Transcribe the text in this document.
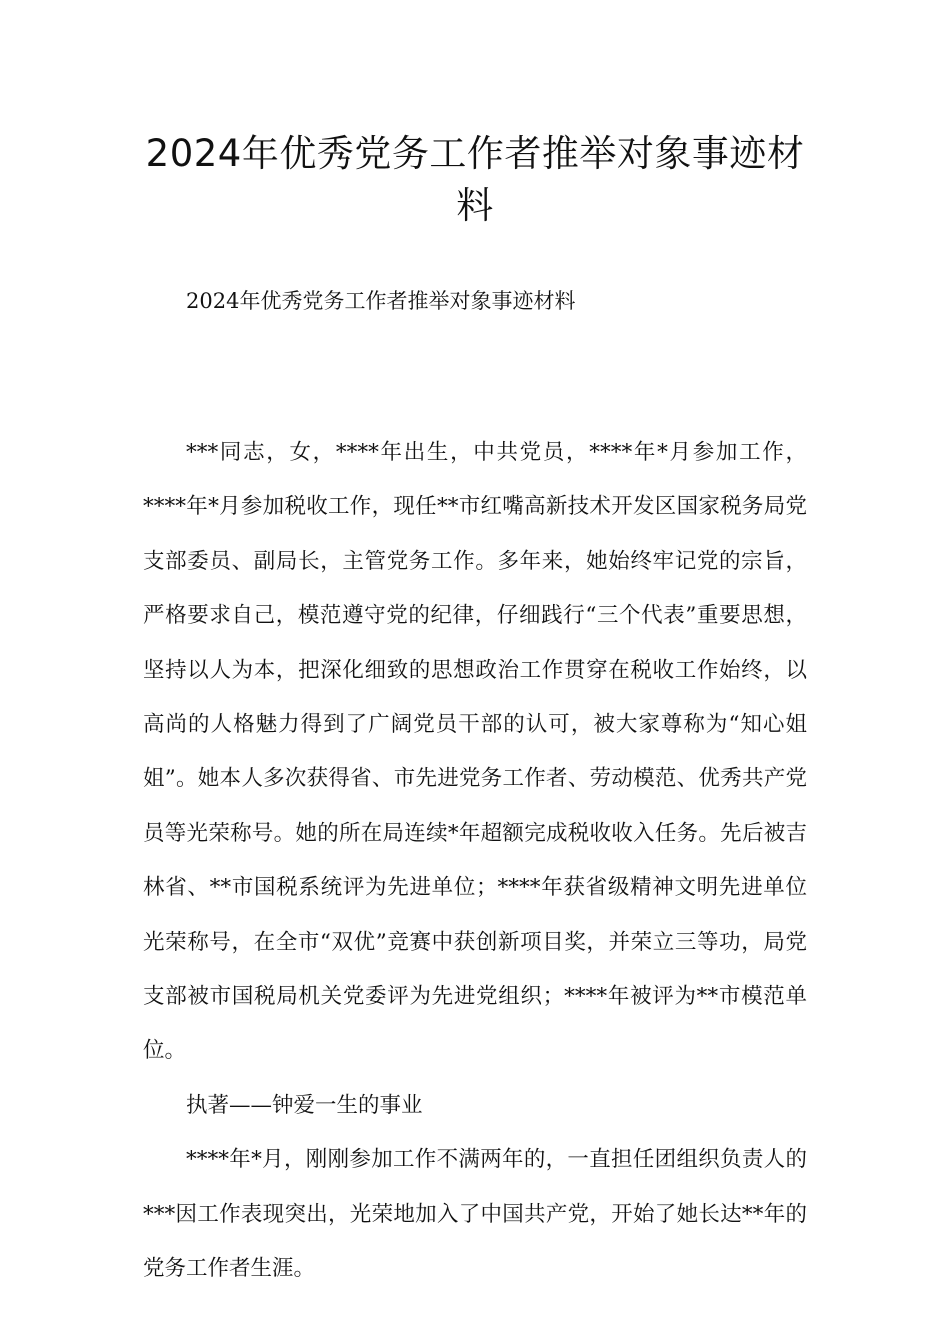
2024年优秀党务工作者推举对象事迹材料

2024年优秀党务工作者推举对象事迹材料

***同志，女，****年出生，中共党员，****年*月参加工作，****年*月参加税收工作，现任**市红嘴高新技术开发区国家税务局党支部委员、副局长，主管党务工作。多年来，她始终牢记党的宗旨，严格要求自己，模范遵守党的纪律，仔细践行“三个代表”重要思想，坚持以人为本，把深化细致的思想政治工作贯穿在税收工作始终，以高尚的人格魅力得到了广阔党员干部的认可，被大家尊称为“知心姐姐”。她本人多次获得省、市先进党务工作者、劳动模范、优秀共产党员等光荣称号。她的所在局连续*年超额完成税收收入任务。先后被吉林省、**市国税系统评为先进单位；****年获省级精神文明先进单位光荣称号，在全市“双优”竞赛中获创新项目奖，并荣立三等功，局党支部被市国税局机关党委评为先进党组织；****年被评为**市模范单位。

执著——钟爱一生的事业

****年*月，刚刚参加工作不满两年的，一直担任团组织负责人的***因工作表现突出，光荣地加入了中国共产党，开始了她长达**年的党务工作者生涯。
